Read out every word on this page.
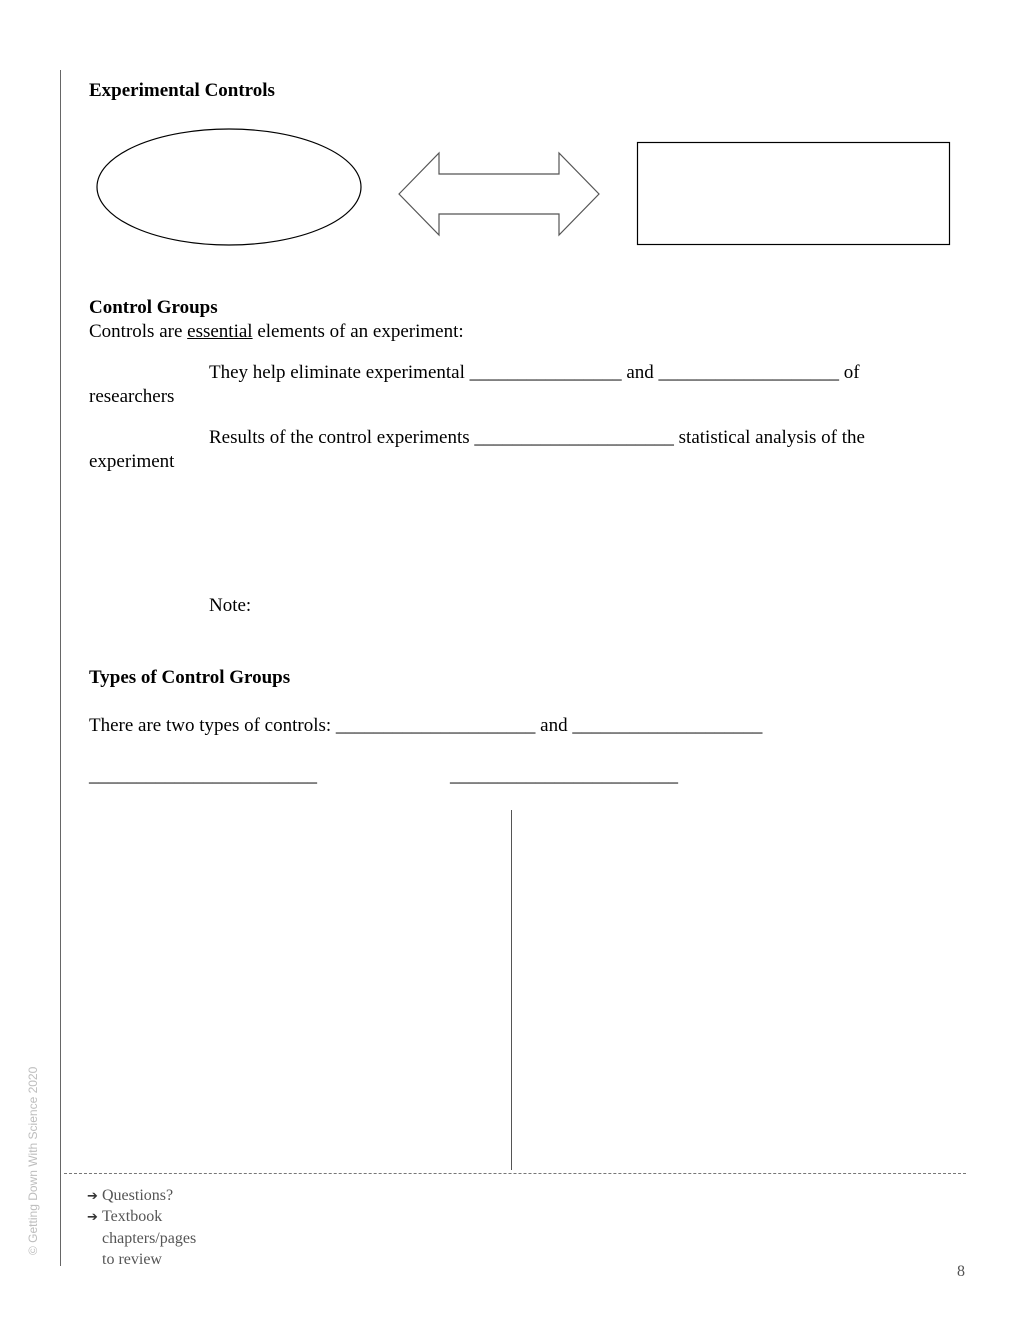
Experimental Controls
Control Groups
Controls are essential elements of an experiment:
They help eliminate experimental ________________ and ___________________ of
researchers
Results of the control experiments _____________________ statistical analysis of the
experiment
Note:
Types of Control Groups
There are two types of controls: _____________________ and ____________________
________________________	________________________
© Getting Down With Science 2020	➔ Questions?
➔ Textbook
chapters/pages
to review
8
